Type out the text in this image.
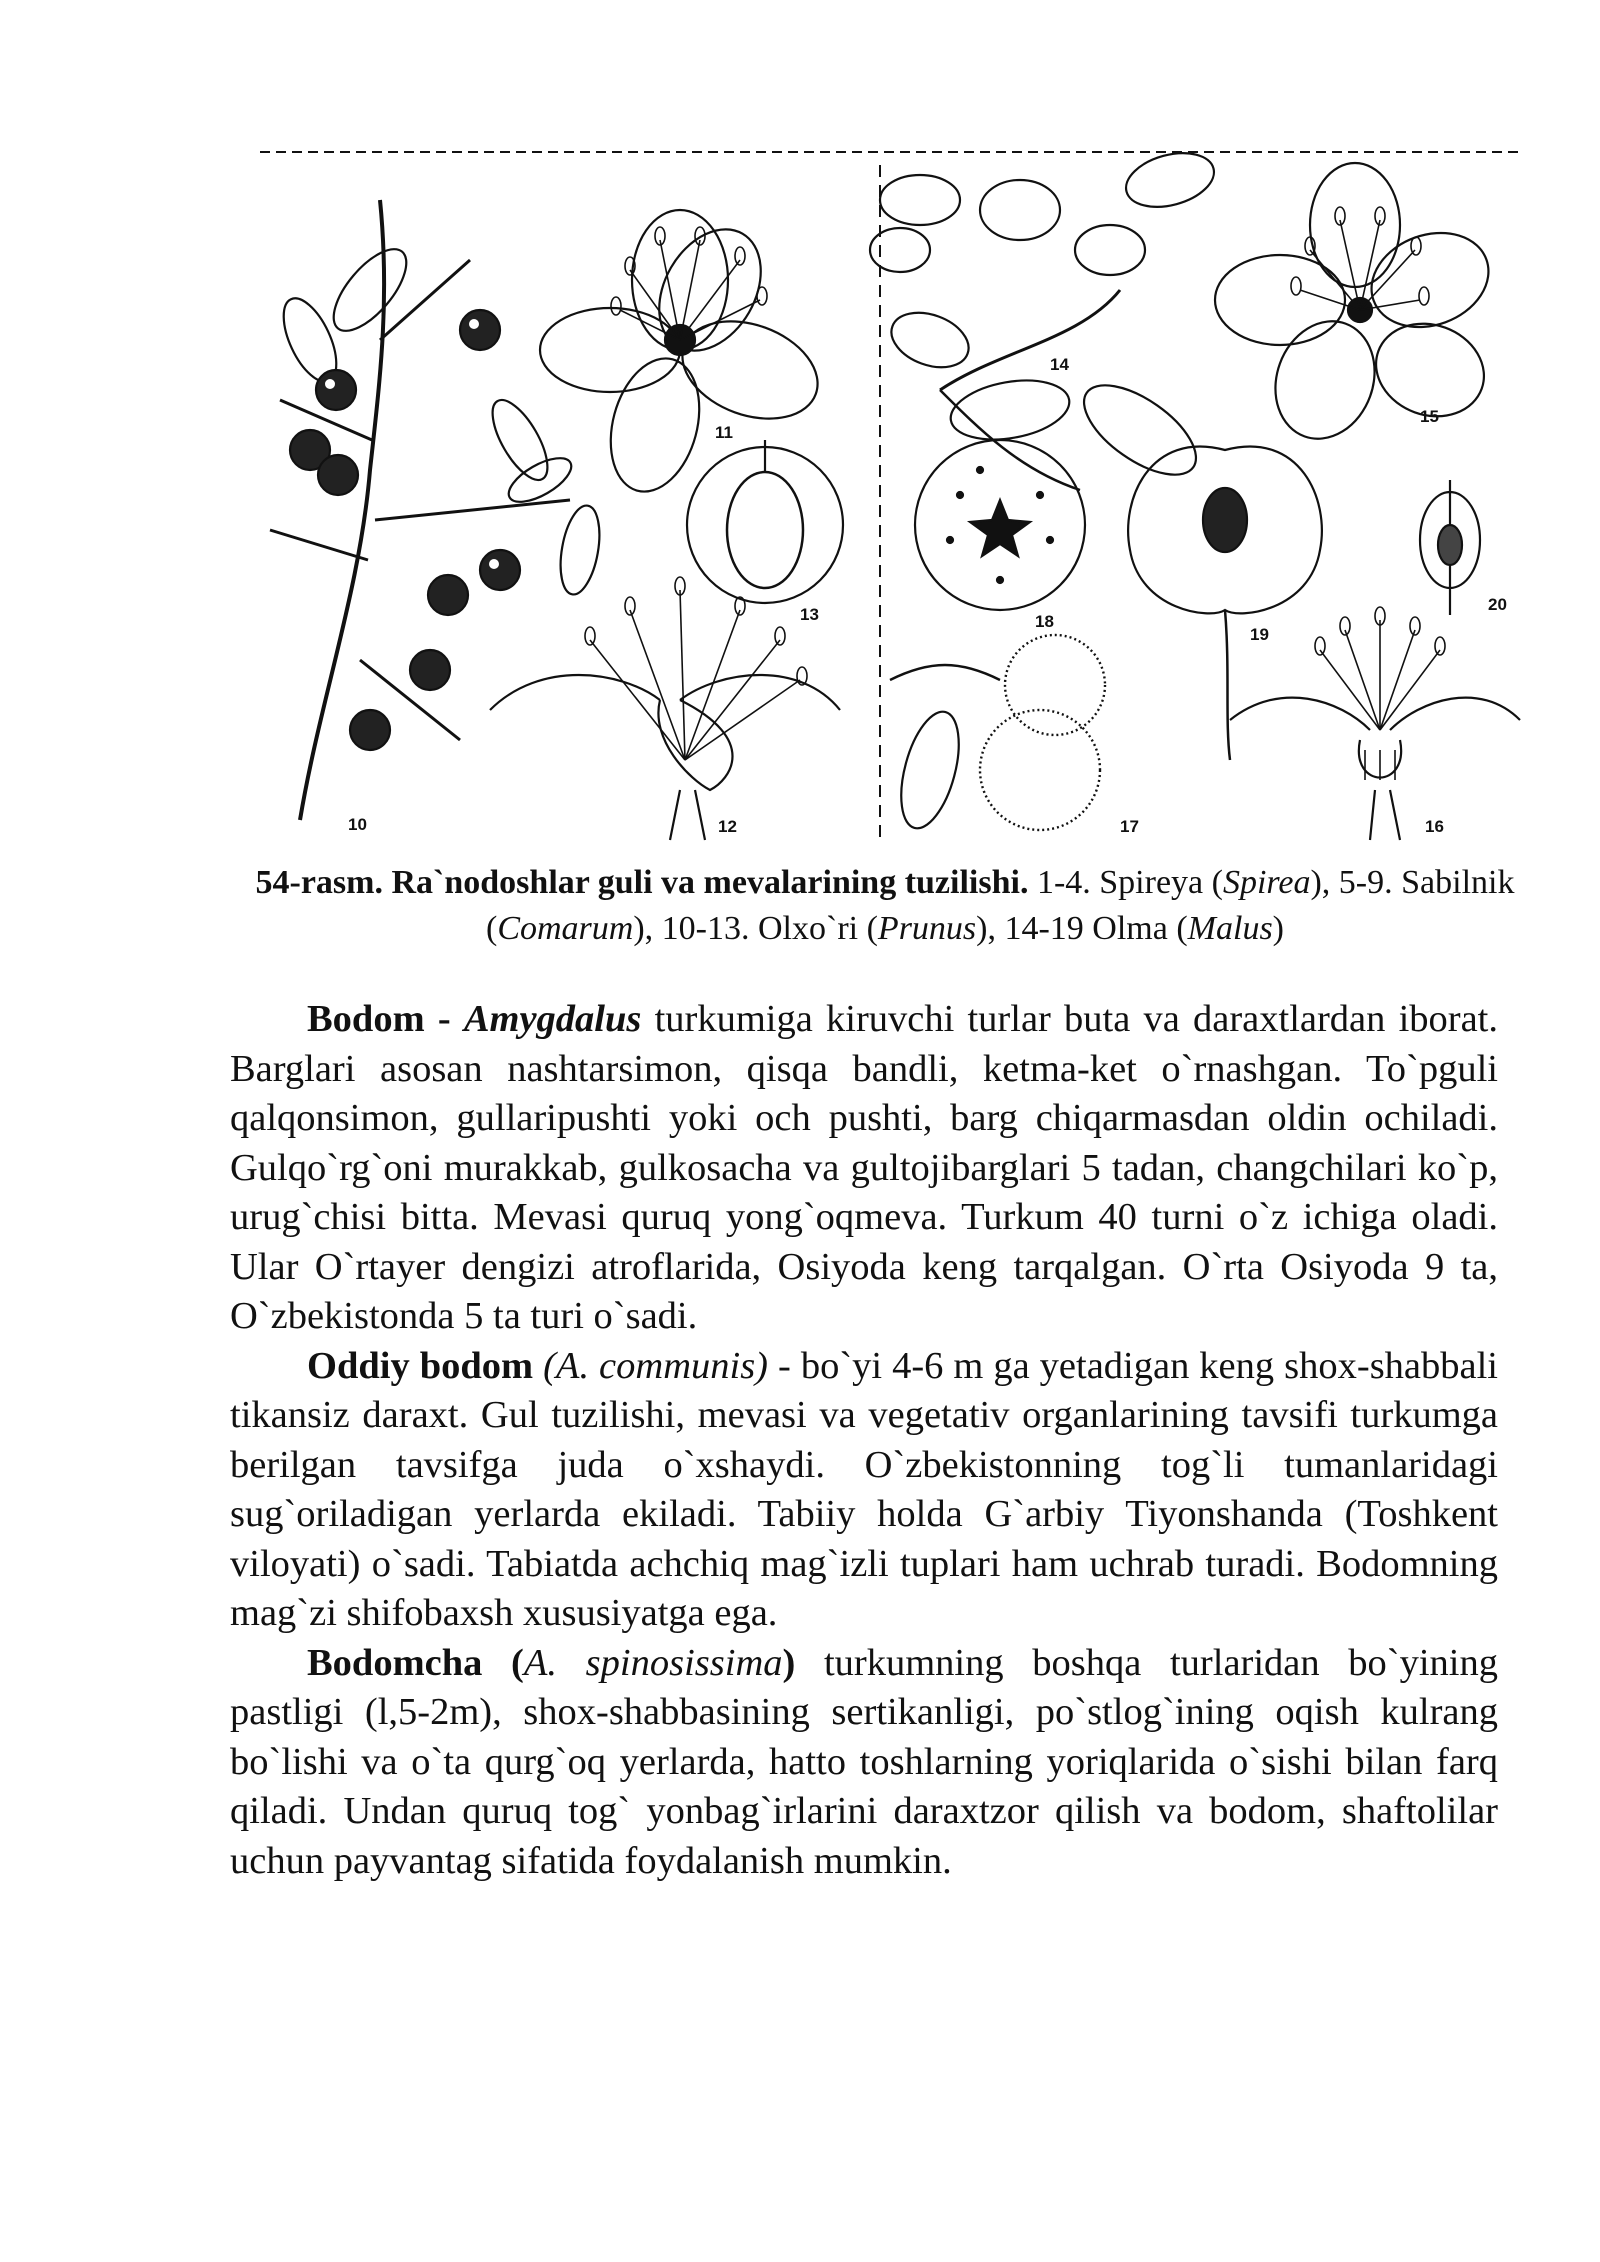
10
11
13
12
14
15
18
19
20
17	16
54-rasm. Ra`nodoshlar guli va mevalarining tuzilishi. 1-4. Spireya (Spirea), 5-9. Sabilnik (Comarum), 10-13. Olxo`ri (Prunus), 14-19 Olma (Malus)

Bodom - Amygdalus turkumiga kiruvchi turlar buta va daraxtlardan iborat. Barglari asosan nashtarsimon, qisqa bandli, ketma-ket o`rnashgan. To`pguli qalqonsimon, gullaripushti yoki och pushti, barg chiqarmasdan oldin ochiladi. Gulqo`rg`oni murakkab, gulkosacha va gultojibarglari 5 tadan, changchilari ko`p, urug`chisi bitta. Mevasi quruq yong`oqmeva. Turkum 40 turni o`z ichiga oladi. Ular O`rtayer dengizi atroflarida, Osiyoda keng tarqalgan. O`rta Osiyoda 9 ta, O`zbekistonda 5 ta turi o`sadi.

Oddiy bodom (A. communis) - bo`yi 4-6 m ga yetadigan keng shox-shabbali tikansiz daraxt. Gul tuzilishi, mevasi va vegetativ organlarining tavsifi turkumga berilgan tavsifga juda o`xshaydi. O`zbekistonning tog`li tumanlaridagi sug`oriladigan yerlarda ekiladi. Tabiiy holda G`arbiy Tiyonshanda (Toshkent viloyati) o`sadi. Tabiatda achchiq mag`izli tuplari ham uchrab turadi. Bodomning mag`zi shifobaxsh xususiyatga ega.

Bodomcha (A. spinosissima) turkumning boshqa turlaridan bo`yining pastligi (l,5-2m), shox-shabbasining sertikanligi, po`stlog`ining oqish kulrang bo`lishi va o`ta qurg`oq yerlarda, hatto toshlarning yoriqlarida o`sishi bilan farq qiladi. Undan quruq tog` yonbag`irlarini daraxtzor qilish va bodom, shaftolilar uchun payvantag sifatida foydalanish mumkin.
